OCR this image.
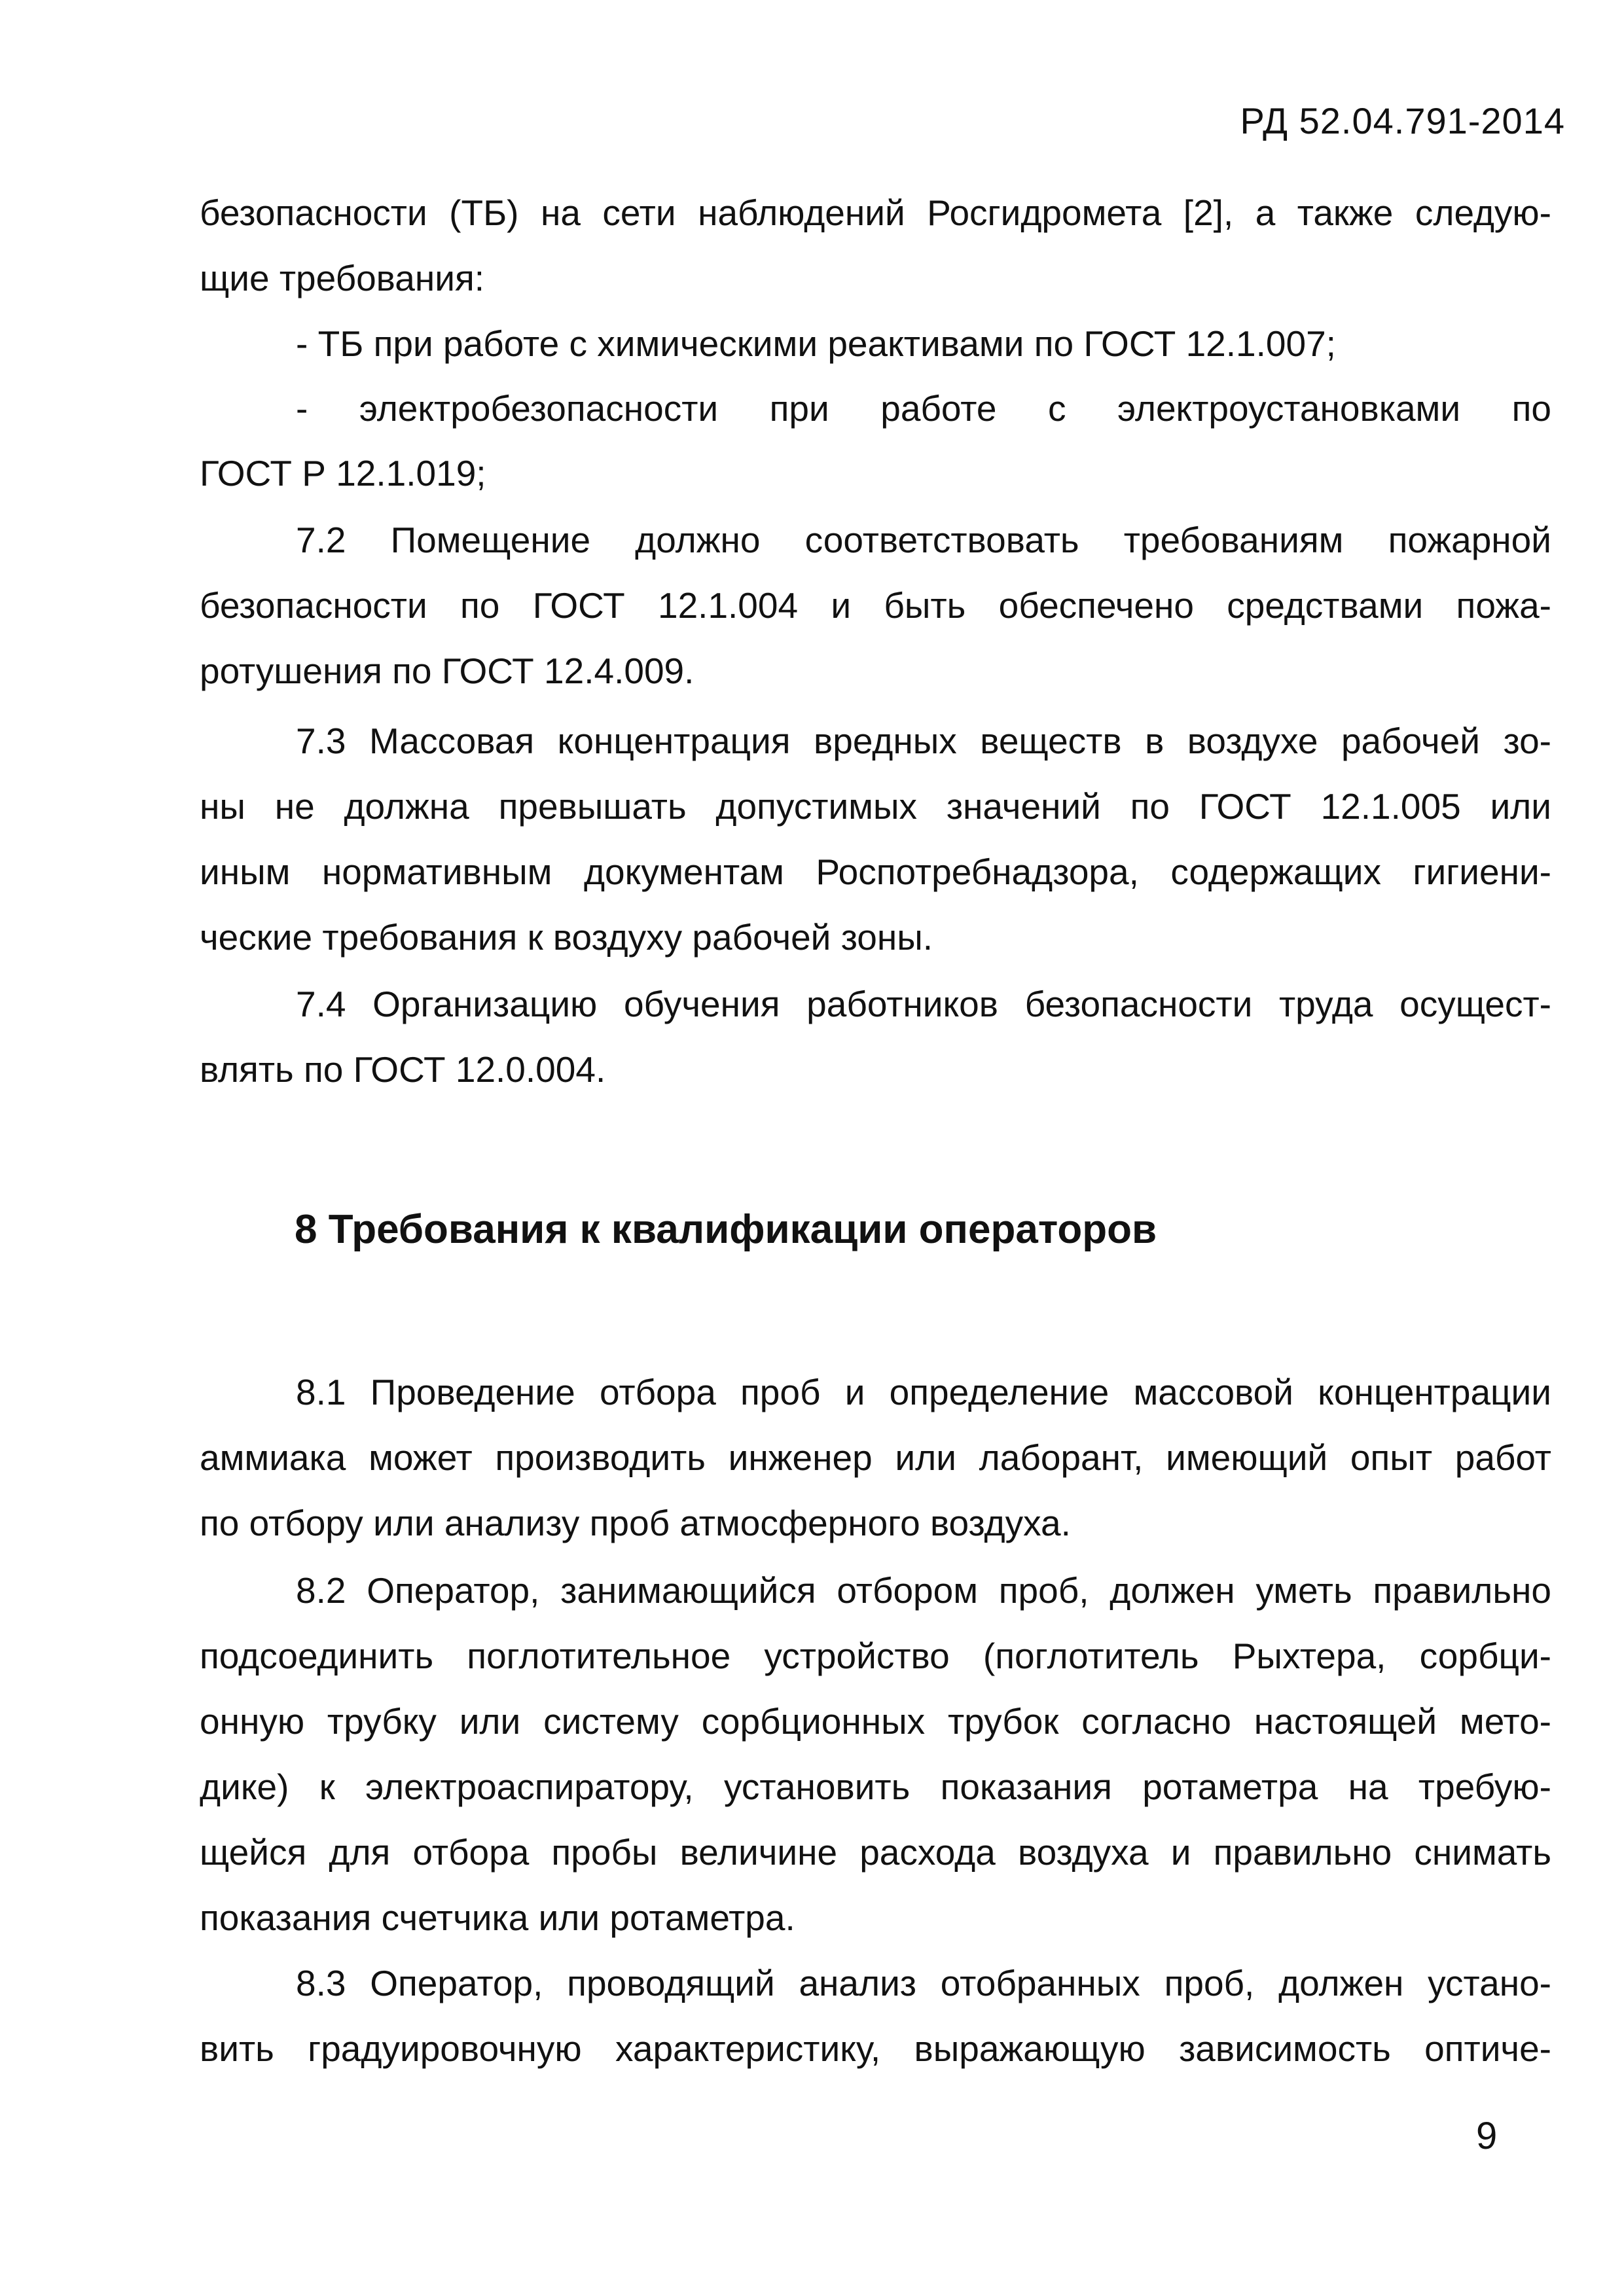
РД 52.04.791-2014
безопасности (ТБ) на сети наблюдений Росгидромета [2], а также следую-
щие требования:
- ТБ при работе с химическими реактивами по ГОСТ 12.1.007;
- электробезопасности при работе с электроустановками по
ГОСТ Р 12.1.019;
7.2 Помещение должно соответствовать требованиям пожарной
безопасности по ГОСТ 12.1.004 и быть обеспечено средствами пожа-
ротушения по ГОСТ 12.4.009.
7.3 Массовая концентрация вредных веществ в воздухе рабочей зо-
ны не должна превышать допустимых значений по ГОСТ 12.1.005 или
иным нормативным документам Роспотребнадзора, содержащих гигиени-
ческие требования к воздуху рабочей зоны.
7.4 Организацию обучения работников безопасности труда осущест-
влять по ГОСТ 12.0.004.
8 Требования к квалификации операторов
8.1 Проведение отбора проб и определение массовой концентрации
аммиака может производить инженер или лаборант, имеющий опыт работ
по отбору или анализу проб атмосферного воздуха.
8.2 Оператор, занимающийся отбором проб, должен уметь правильно
подсоединить поглотительное устройство (поглотитель Рыхтера, сорбци-
онную трубку или систему сорбционных трубок согласно настоящей мето-
дике) к электроаспиратору, установить показания ротаметра на требую-
щейся для отбора пробы величине расхода воздуха и правильно снимать
показания счетчика или ротаметра.
8.3 Оператор, проводящий анализ отобранных проб, должен устано-
вить градуировочную характеристику, выражающую зависимость оптиче-
9
